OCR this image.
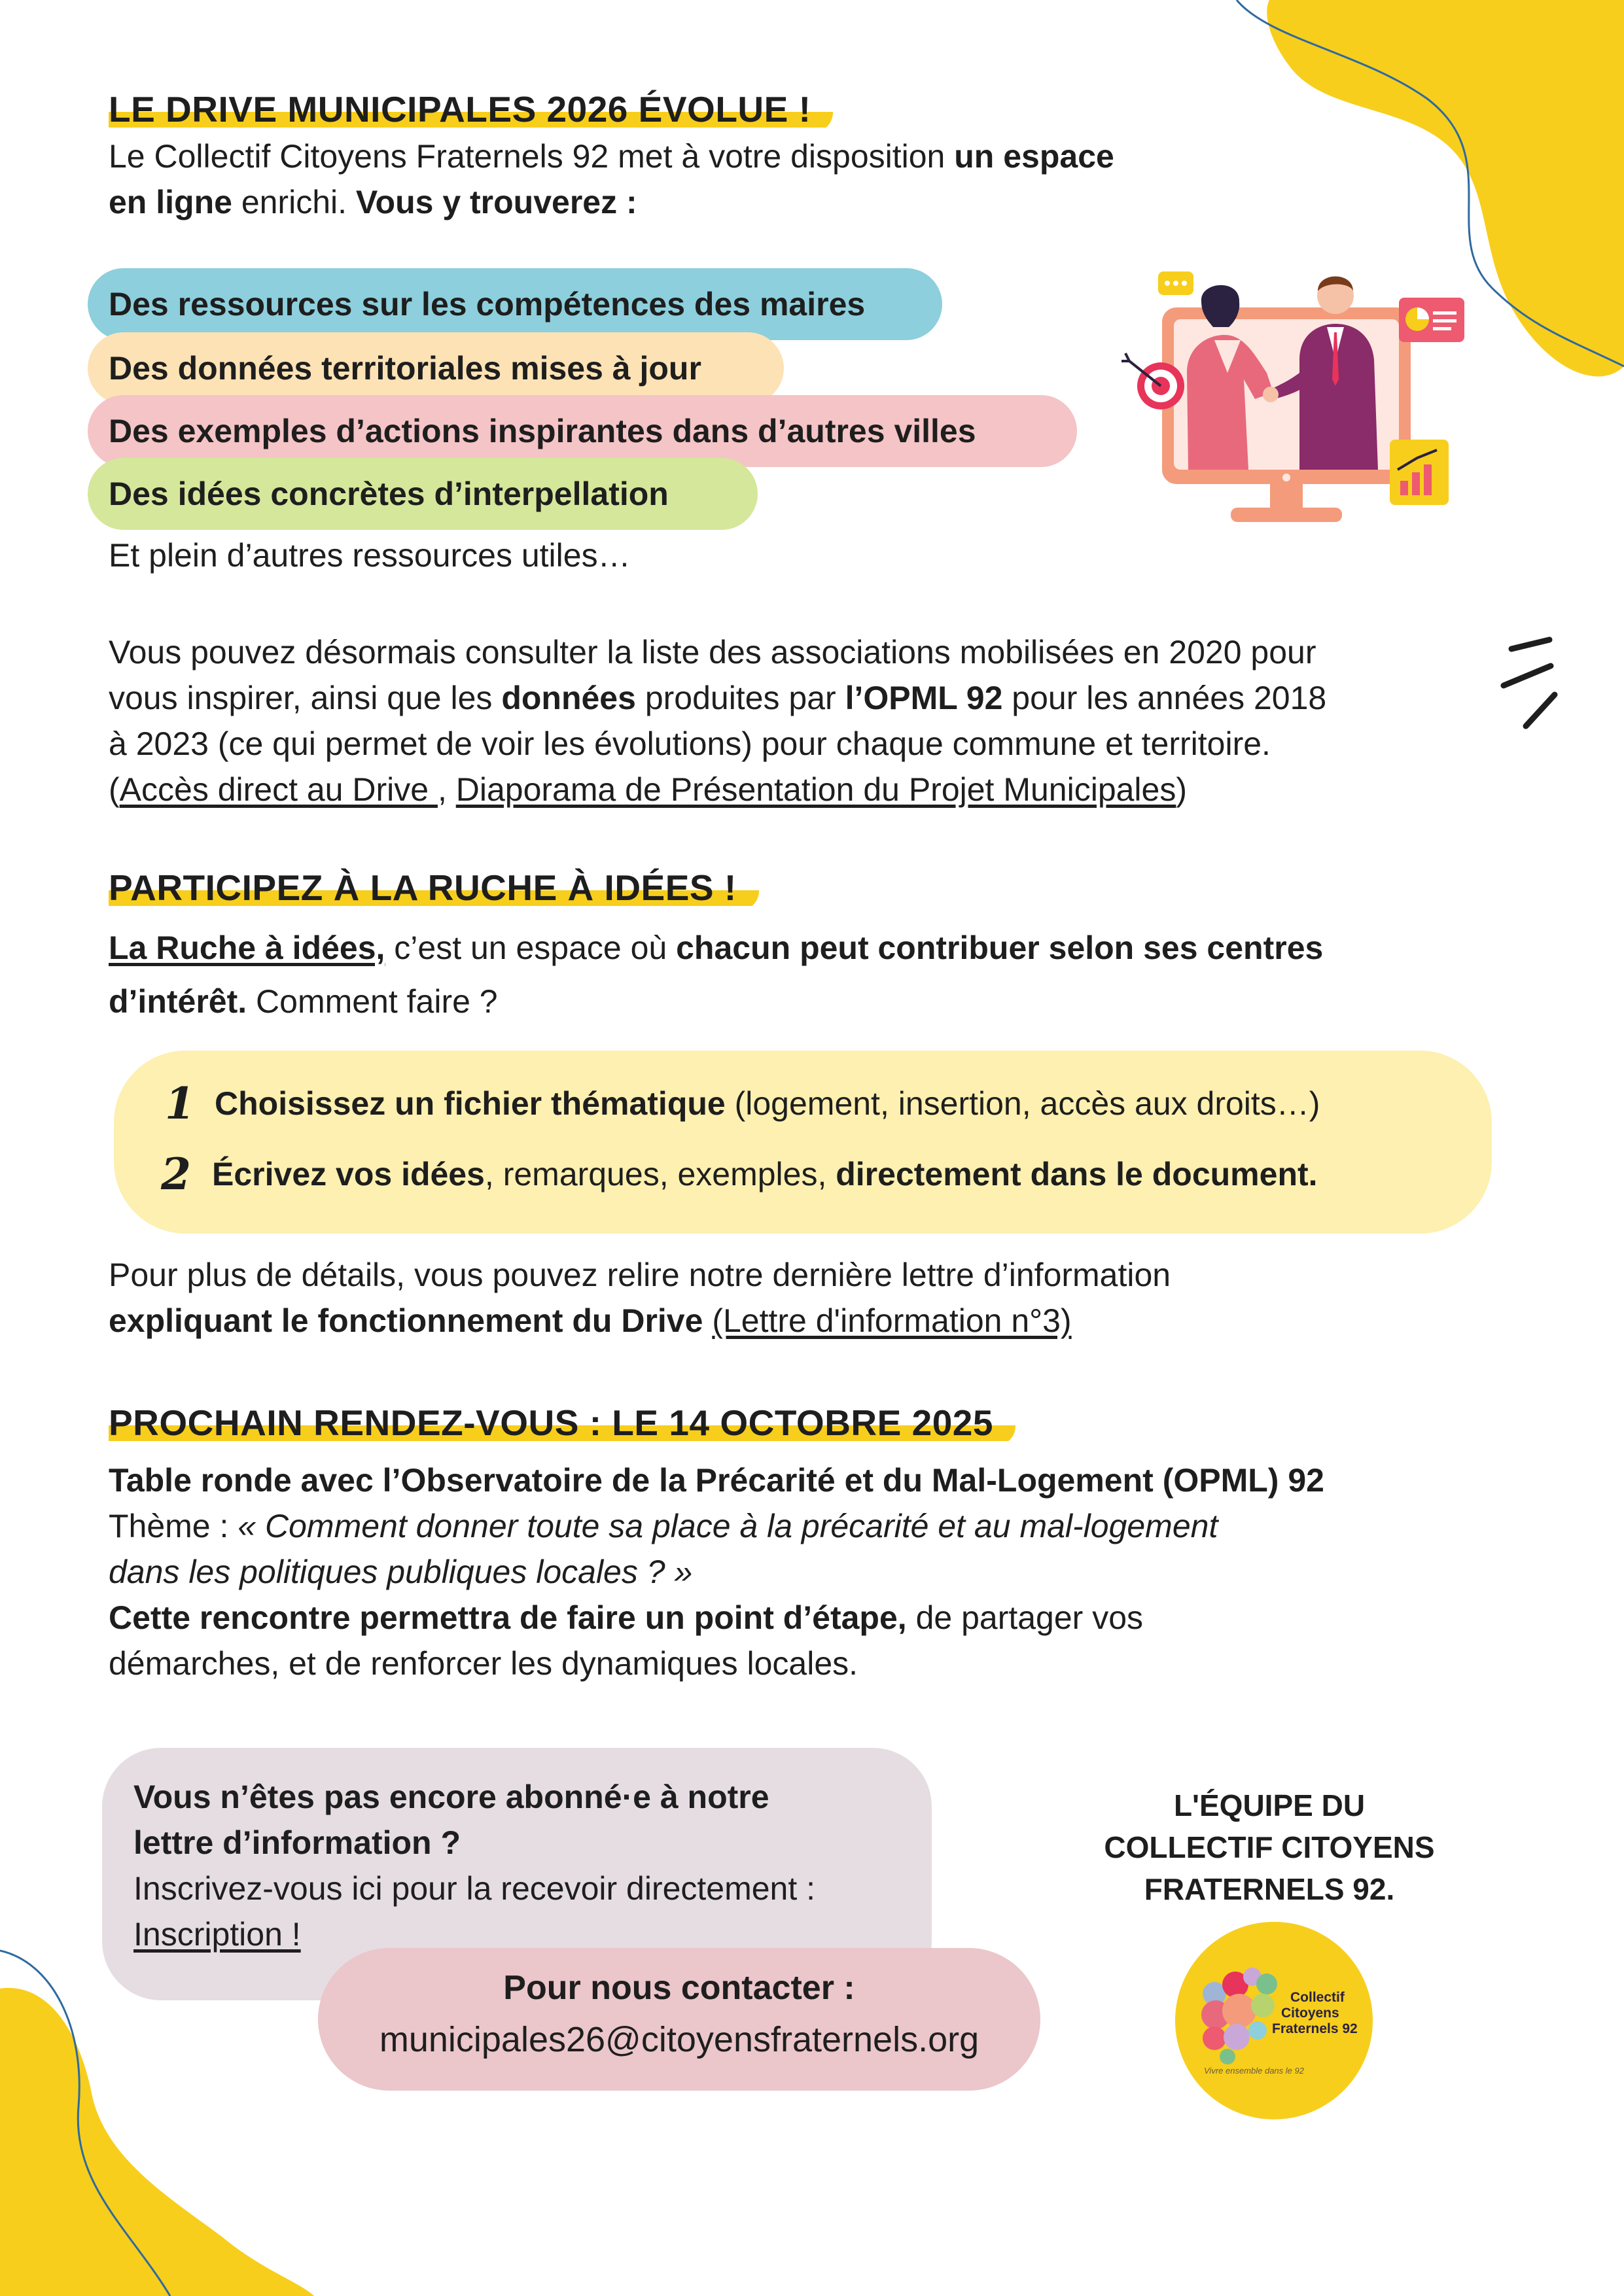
LE DRIVE MUNICIPALES 2026 ÉVOLUE !

Le Collectif Citoyens Fraternels 92 met à votre disposition un espace
en ligne enrichi. Vous y trouverez :

Des ressources sur les compétences des maires
Des données territoriales mises à jour
Des exemples d’actions inspirantes dans d’autres villes
Des idées concrètes d’interpellation

Et plein d’autres ressources utiles…

Vous pouvez désormais consulter la liste des associations mobilisées en 2020 pour
vous inspirer, ainsi que les données produites par l’OPML 92 pour les années 2018
à 2023 (ce qui permet de voir les évolutions) pour chaque commune et territoire.
(Accès direct au Drive , Diaporama de Présentation du Projet Municipales)

PARTICIPEZ À LA RUCHE À IDÉES !

La Ruche à idées, c’est un espace où chacun peut contribuer selon ses centres
d’intérêt. Comment faire ?

1 Choisissez un fichier thématique (logement, insertion, accès aux droits…)
2 Écrivez vos idées, remarques, exemples, directement dans le document.

Pour plus de détails, vous pouvez relire notre dernière lettre d’information
expliquant le fonctionnement du Drive (Lettre d'information n°3)

PROCHAIN RENDEZ-VOUS : LE 14 OCTOBRE 2025

Table ronde avec l’Observatoire de la Précarité et du Mal-Logement (OPML) 92
Thème : « Comment donner toute sa place à la précarité et au mal-logement
dans les politiques publiques locales ? »
Cette rencontre permettra de faire un point d’étape, de partager vos
démarches, et de renforcer les dynamiques locales.

Vous n’êtes pas encore abonné·e à notre
lettre d’information ?
Inscrivez-vous ici pour la recevoir directement :
Inscription !

Pour nous contacter :
municipales26@citoyensfraternels.org
L'ÉQUIPE DU
COLLECTIF CITOYENS
FRATERNELS 92.
Collectif
Citoyens
Fraternels 92
Vivre ensemble dans le 92
